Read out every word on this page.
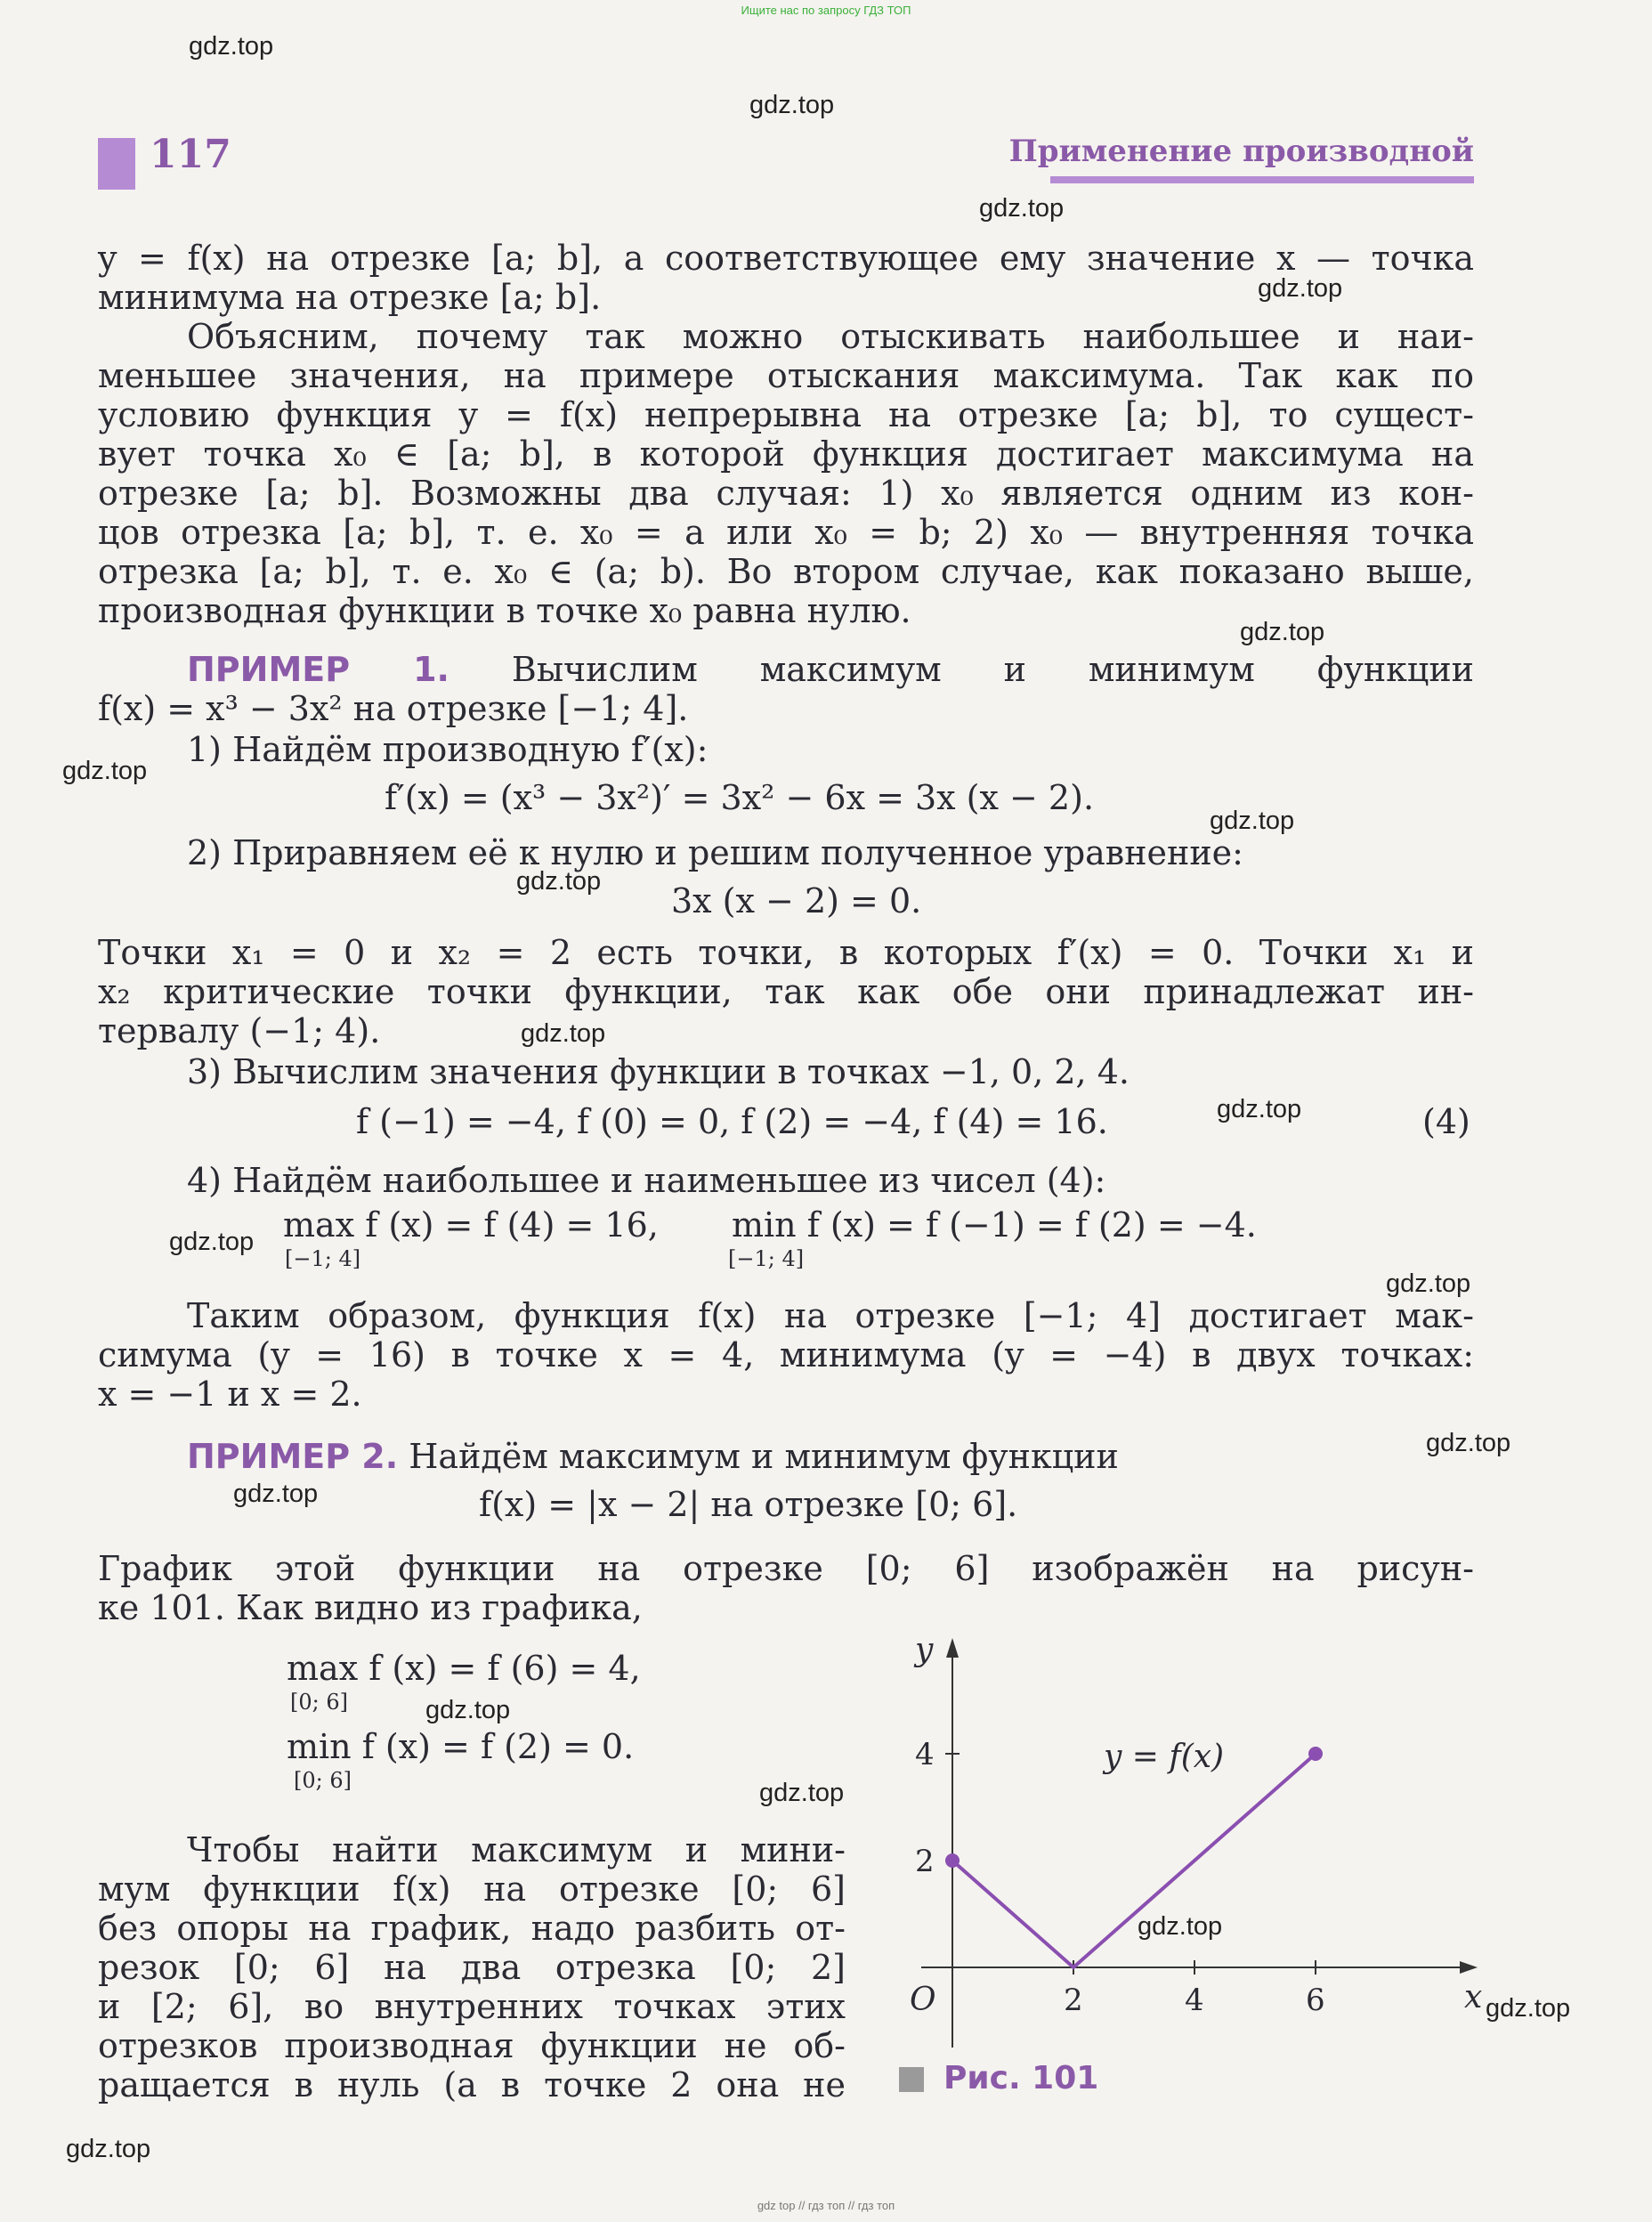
Ищите нас по запросу ГДЗ ТОП
gdz.top
gdz.top
gdz.top
gdz.top
gdz.top
gdz.top
gdz.top
gdz.top
gdz.top
gdz.top
gdz.top
gdz.top
gdz.top
gdz.top
gdz.top
gdz.top
gdz.top
gdz.top
gdz.top
117	Применение производной
y = f(x) на отрезке [a; b], а соответствующее ему значение x — точка
минимума на отрезке [a; b].
Объясним, почему так можно отыскивать наибольшее и наи-
меньшее значения, на примере отыскания максимума. Так как по
условию функция y = f(x) непрерывна на отрезке [a; b], то сущест-
вует точка x₀ ∈ [a; b], в которой функция достигает максимума на
отрезке [a; b]. Возможны два случая: 1) x₀ является одним из кон-
цов отрезка [a; b], т. е. x₀ = a или x₀ = b; 2) x₀ — внутренняя точка
отрезка [a; b], т. е. x₀ ∈ (a; b). Во втором случае, как показано выше,
производная функции в точке x₀ равна нулю.
ПРИМЕР 1. Вычислим максимум и минимум функции
f(x) = x³ − 3x² на отрезке [−1; 4].
1) Найдём производную f′(x):
f′(x) = (x³ − 3x²)′ = 3x² − 6x = 3x (x − 2).
2) Приравняем её к нулю и решим полученное уравнение:
3x (x − 2) = 0.
Точки x₁ = 0 и x₂ = 2 есть точки, в которых f′(x) = 0. Точки x₁ и
x₂ критические точки функции, так как обе они принадлежат ин-
тервалу (−1; 4).
3) Вычислим значения функции в точках −1, 0, 2, 4.
f (−1) = −4, f (0) = 0, f (2) = −4, f (4) = 16.	(4)
4) Найдём наибольшее и наименьшее из чисел (4):
max f (x) = f (4) = 16,
[−1; 4]
min f (x) = f (−1) = f (2) = −4.
[−1; 4]
Таким образом, функция f(x) на отрезке [−1; 4] достигает мак-
симума (y = 16) в точке x = 4, минимума (y = −4) в двух точках:
x = −1 и x = 2.
ПРИМЕР 2. Найдём максимум и минимум функции
f(x) = |x − 2| на отрезке [0; 6].
График этой функции на отрезке [0; 6] изображён на рисун-
ке 101. Как видно из графика,
max f (x) = f (6) = 4,
[0; 6]
min f (x) = f (2) = 0.
[0; 6]
Чтобы найти максимум и мини-
мум функции f(x) на отрезке [0; 6]
без опоры на график, надо разбить от-
резок [0; 6] на два отрезка [0; 2]
и [2; 6], во внутренних точках этих
отрезков производная функции не об-
ращается в нуль (а в точке 2 она не
2	4	6
2
4	y = f(x)
x
y
O
Рис. 101
gdz top // гдз топ // гдз топ
